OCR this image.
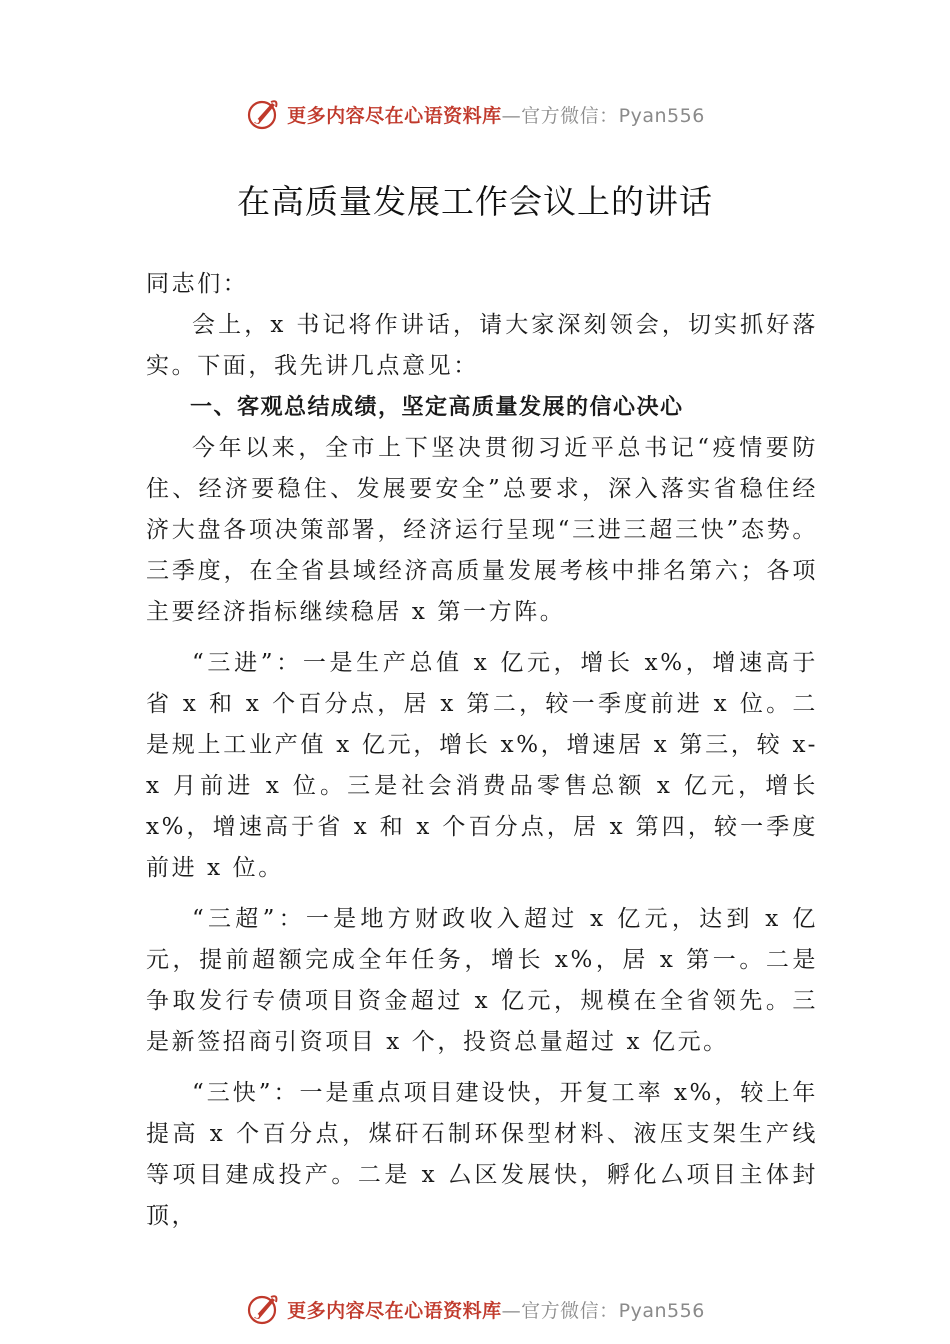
更多内容尽在心语资料库—官方微信：Pyan556
在高质量发展工作会议上的讲话

同志们：

会上，x 书记将作讲话，请大家深刻领会，切实抓好落实。下面，我先讲几点意见：

一、客观总结成绩，坚定高质量发展的信心决心

今年以来，全市上下坚决贯彻习近平总书记“疫情要防住、经济要稳住、发展要安全”总要求，深入落实省稳住经济大盘各项决策部署，经济运行呈现“三进三超三快”态势。三季度，在全省县域经济高质量发展考核中排名第六；各项主要经济指标继续稳居 x 第一方阵。

“三进”：一是生产总值 x 亿元，增长 x%，增速高于省 x 和 x 个百分点，居 x 第二，较一季度前进 x 位。二是规上工业产值 x 亿元，增长 x%，增速居 x 第三，较 x-x 月前进 x 位。三是社会消费品零售总额 x 亿元，增长 x%，增速高于省 x 和 x 个百分点，居 x 第四，较一季度前进 x 位。

“三超”：一是地方财政收入超过 x 亿元，达到 x 亿元，提前超额完成全年任务，增长 x%，居 x 第一。二是争取发行专债项目资金超过 x 亿元，规模在全省领先。三是新签招商引资项目 x 个，投资总量超过 x 亿元。

“三快”：一是重点项目建设快，开复工率 x%，较上年提高 x 个百分点，煤矸石制环保型材料、液压支架生产线等项目建成投产。二是 x 厶区发展快，孵化厶项目主体封顶，

更多内容尽在心语资料库—官方微信：Pyan556
